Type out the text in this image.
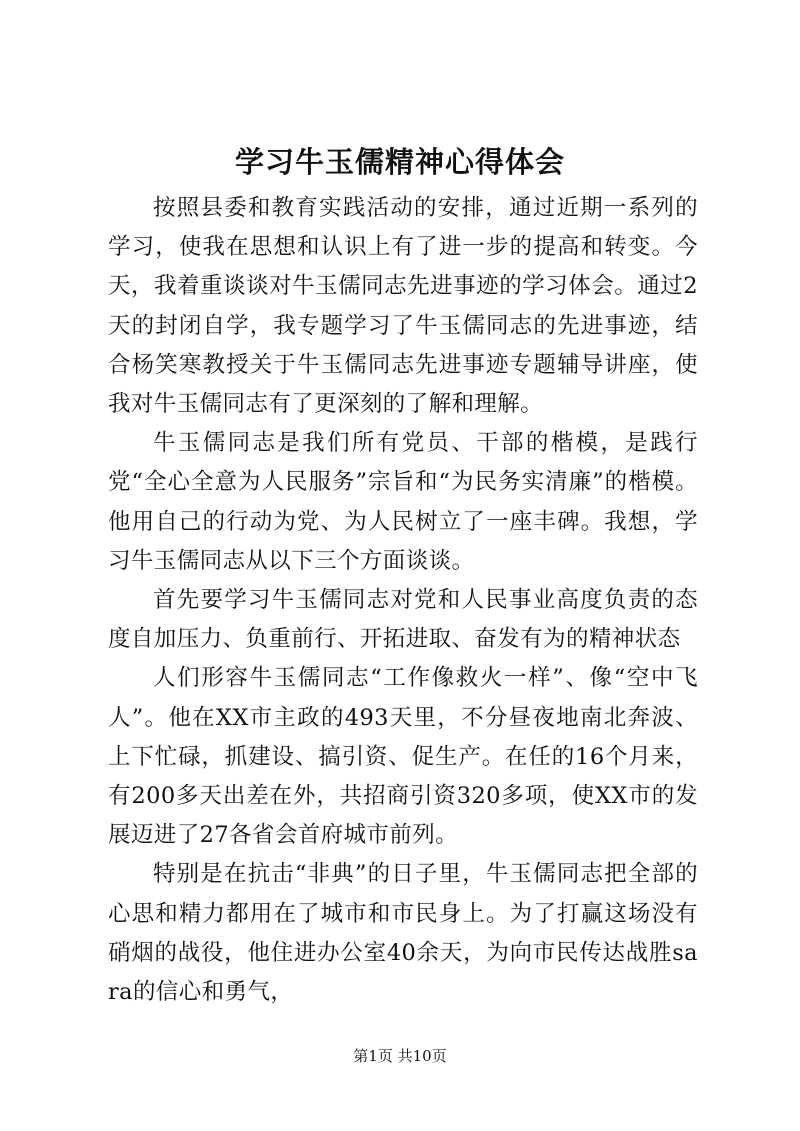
学习牛玉儒精神心得体会

按照县委和教育实践活动的安排，通过近期一系列的学习，使我在思想和认识上有了进一步的提高和转变。今天，我着重谈谈对牛玉儒同志先进事迹的学习体会。通过2天的封闭自学，我专题学习了牛玉儒同志的先进事迹，结合杨笑寒教授关于牛玉儒同志先进事迹专题辅导讲座，使我对牛玉儒同志有了更深刻的了解和理解。

牛玉儒同志是我们所有党员、干部的楷模，是践行党“全心全意为人民服务”宗旨和“为民务实清廉”的楷模。他用自己的行动为党、为人民树立了一座丰碑。我想，学习牛玉儒同志从以下三个方面谈谈。

首先要学习牛玉儒同志对党和人民事业高度负责的态度自加压力、负重前行、开拓进取、奋发有为的精神状态

人们形容牛玉儒同志“工作像救火一样”、像“空中飞人”。他在XX市主政的493天里，不分昼夜地南北奔波、上下忙碌，抓建设、搞引资、促生产。在任的16个月来，有200多天出差在外，共招商引资320多项，使XX市的发展迈进了27各省会首府城市前列。

特别是在抗击“非典”的日子里，牛玉儒同志把全部的心思和精力都用在了城市和市民身上。为了打赢这场没有硝烟的战役，他住进办公室40余天，为向市民传达战胜sara的信心和勇气，

第1页 共10页
